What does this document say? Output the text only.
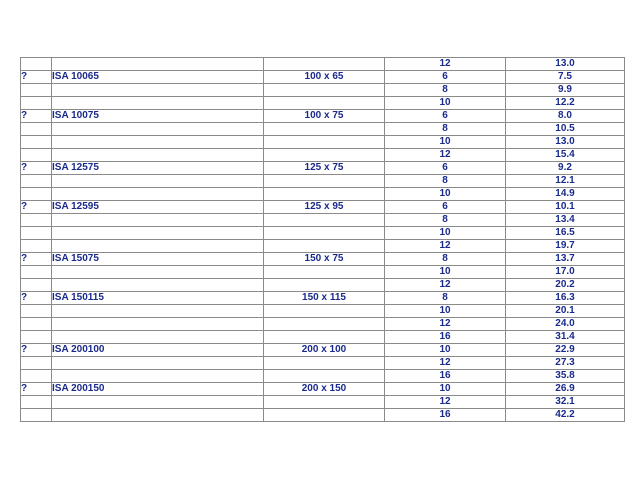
			12	13.0
?	ISA 10065	100 x 65	6	7.5
			8	9.9
			10	12.2
?	ISA 10075	100 x 75	6	8.0
			8	10.5
			10	13.0
			12	15.4
?	ISA 12575	125 x 75	6	9.2
			8	12.1
			10	14.9
?	ISA 12595	125 x 95	6	10.1
			8	13.4
			10	16.5
			12	19.7
?	ISA 15075	150 x 75	8	13.7
			10	17.0
			12	20.2
?	ISA 150115	150 x 115	8	16.3
			10	20.1
			12	24.0
			16	31.4
?	ISA 200100	200 x 100	10	22.9
			12	27.3
			16	35.8
?	ISA 200150	200 x 150	10	26.9
			12	32.1
			16	42.2
